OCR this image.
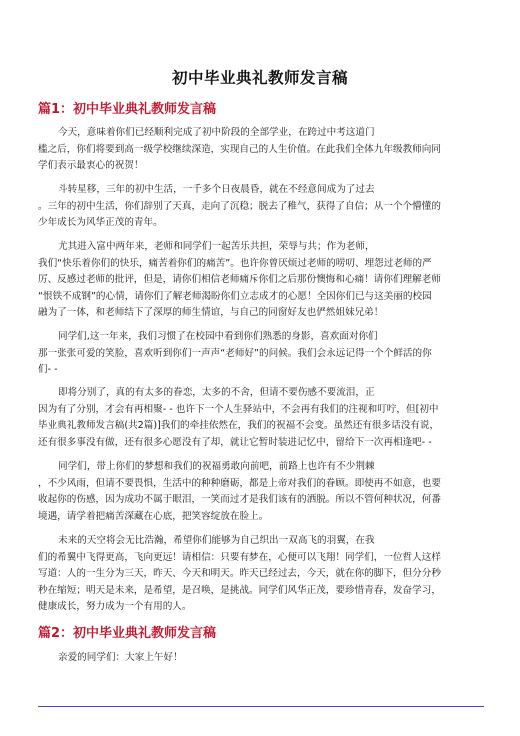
初中毕业典礼教师发言稿
篇1：初中毕业典礼教师发言稿
今天，意味着你们已经顺利完成了初中阶段的全部学业，在跨过中考这道门
槛之后，你们将要到高一级学校继续深造，实现自己的人生价值。在此我们全体九年级教师向同
学们表示最衷心的祝贺！
斗转星移，三年的初中生活，一千多个日夜晨昏，就在不经意间成为了过去
。三年的初中生活，你们辞别了天真，走向了沉稳；脱去了稚气，获得了自信；从一个个懵懂的
少年成长为风华正茂的青年。
尤其进入富中两年来，老师和同学们一起苦乐共担，荣辱与共；作为老师，
我们“快乐着你们的快乐，痛苦着你们的痛苦”。也许你曾厌烦过老师的唠叨、埋怨过老师的严
厉、反感过老师的批评，但是，请你们相信老师痛斥你们之后那份懊悔和心痛！请你们理解老师
“恨铁不成钢”的心情，请你们了解老师渴盼你们立志成才的心愿！全因你们已与这美丽的校园
融为了一体，和老师结下了深厚的师生情谊，与自己的同窗好友也俨然姐妹兄弟！
同学们,这一年来，我们习惯了在校园中看到你们熟悉的身影，喜欢面对你们
那一张张可爱的笑脸，喜欢听到你们一声声“老师好”的问候。我们会永远记得一个个鲜活的你
们- -
即将分别了，真的有太多的眷恋，太多的不舍，但请不要伤感不要流泪，正
因为有了分别，才会有再相聚- - 也许下一个人生驿站中，不会再有我们的注视和叮咛，但[初中
毕业典礼教师发言稿(共2篇)]我们的牵挂依然在，我们的祝福不会变。虽然还有很多话没有说，
还有很多事没有做，还有很多心愿没有了却，就让它暂时装进记忆中，留给下一次再相逢吧- -
同学们，带上你们的梦想和我们的祝福勇敢向前吧，前路上也许有不少荆棘
，不少风雨，但请不要畏惧，生活中的种种磨砺，都是上帝对我们的眷顾。即使再不如意，也要
收起你的伤感，因为成功不属于眼泪，一笑而过才是我们该有的洒脱。所以不管何种状况，何番
境遇，请学着把痛苦深藏在心底，把笑容绽放在脸上。
未来的天空将会无比浩瀚，希望你们能够为自己织出一双高飞的羽翼，在我
们的希翼中飞得更高，飞向更远！请相信：只要有梦在，心便可以飞翔！同学们，一位哲人这样
写道：人的一生分为三天，昨天、今天和明天。昨天已经过去，今天，就在你的脚下，但分分秒
秒在缩短；明天是未来，是希望，是召唤，是挑战。同学们风华正茂，要珍惜青春，发奋学习，
健康成长，努力成为一个有用的人。
篇2：初中毕业典礼教师发言稿
亲爱的同学们：大家上午好！
